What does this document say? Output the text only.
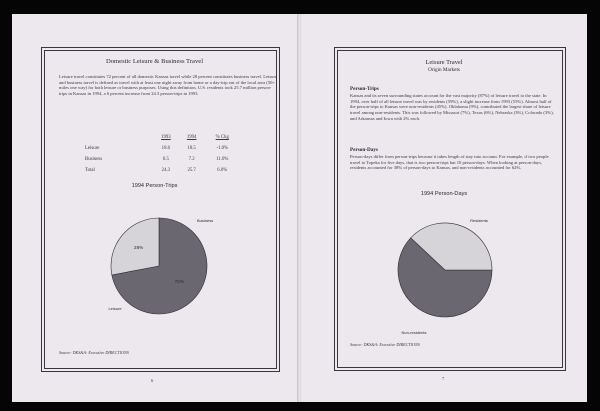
Domestic Leisure & Business Travel
Leisure travel constitutes 72 percent of all domestic Kansas travel while 28 percent constitutes business travel. Leisure and business travel is defined as travel with at least one night away from home or a day-trip out of the local area (50+ miles one way) for both leisure or business purposes. Using this definition, U.S. residents took 25.7 million person-trips in Kansas in 1994, a 6 percent increase from 24.3 person-trips in 1993.
	1993	1994	% Chg
Leisure	18.6	18.5	-1.0%
Business	6.5	7.2	11.0%
Total	24.3	25.7	6.0%
1994 Person-Trips
72%
Leisure
28%
Business
Source: DKS&A: Executive DIRECTIONS
6
Leisure Travel
Origin Markets
Person-Trips
Kansas and its seven surrounding states account for the vast majority (87%) of leisure travel to the state. In 1994, over half of all leisure travel was by residents (59%), a slight increase from 1993 (55%). Almost half of the person-trips to Kansas were non-residents (45%). Oklahoma (9%), contributed the largest share of leisure travel among non-residents. This was followed by Missouri (7%), Texas (6%), Nebraska (3%), Colorado (3%), and Arkansas and Iowa with 2% each.
Person-Days
Person-days differ from person-trips because it takes length of stay into account. For example, if two people travel to Topeka for five days, that is two person-trips but 10 person-days. When looking at person-days, residents accounted for 38% of person-days to Kansas, and non-residents accounted for 62%.
1994 Person-Days
Non-residents
Residents
Source: DKS&A: Executive DIRECTIONS
7
